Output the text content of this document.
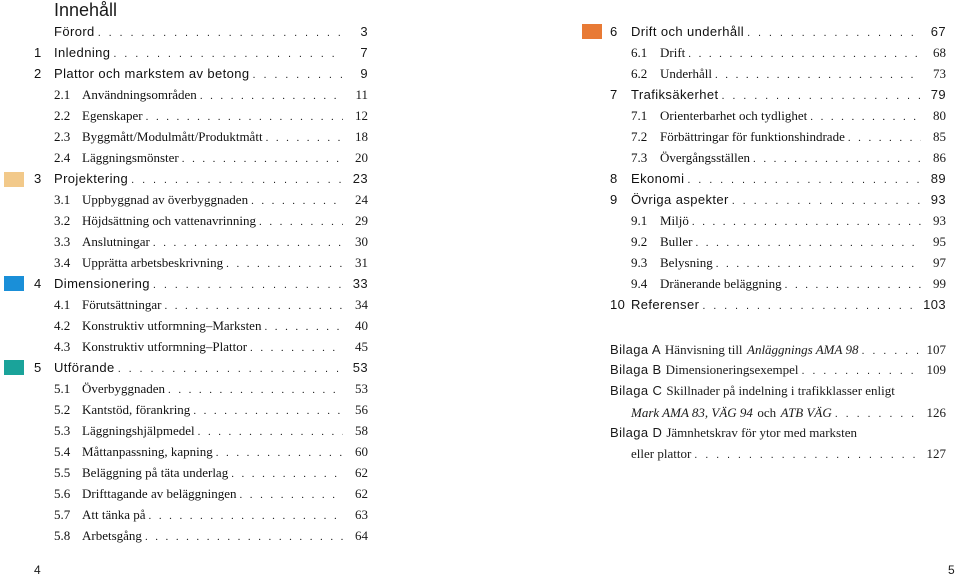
Innehåll
Förord . . .	3
1 Inledning . . .	7
2 Plattor och markstem av betong . . .	9
2.1 Användningsområden . . .	11
2.2 Egenskaper . . .	12
2.3 Byggmått/Modulmått/Produktmått . . .	18
2.4 Läggningsmönster . . .	20
3 Projektering . . .	23
3.1 Uppbyggnad av överbyggnaden . . .	24
3.2 Höjdsättning och vattenavrinning . . .	29
3.3 Anslutningar . . .	30
3.4 Upprätta arbetsbeskrivning . . .	31
4 Dimensionering . . .	33
4.1 Förutsättningar . . .	34
4.2 Konstruktiv utformning–Marksten . . .	40
4.3 Konstruktiv utformning–Plattor . . .	45
5 Utförande . . .	53
5.1 Överbyggnaden . . .	53
5.2 Kantstöd, förankring . . .	56
5.3 Läggningshjälpmedel . . .	58
5.4 Måttanpassning, kapning . . .	60
5.5 Beläggning på täta underlag . . .	62
5.6 Drifttagande av beläggningen . . .	62
5.7 Att tänka på . . .	63
5.8 Arbetsgång . . .	64
6	Drift och underhåll . . .	67
6.1 Drift . . .	68
6.2 Underhåll . . .	73
7	Trafiksäkerhet . . .	79
7.1 Orienterbarhet och tydlighet . . .	80
7.2 Förbättringar för funktionshindrade . . .	85
7.3 Övergångsställen . . .	86
8	Ekonomi . . .	89
9	Övriga aspekter . . .	93
9.1 Miljö . . .	93
9.2 Buller . . .	95
9.3 Belysning . . .	97
9.4 Dränerande beläggning . . .	99
10 Referenser . . .	103
Bilaga A Hänvisning till
Anläggnings AMA 98 . . .	107
Bilaga B Dimensioneringsexempel . . .	109
Bilaga C Skillnader på indelning i trafikklasser enligt
Mark AMA 83, VÄG 94
och
ATB VÄG . . .	126
Bilaga D Jämnhetskrav för ytor med marksten
eller plattor . . .	127
4	5
